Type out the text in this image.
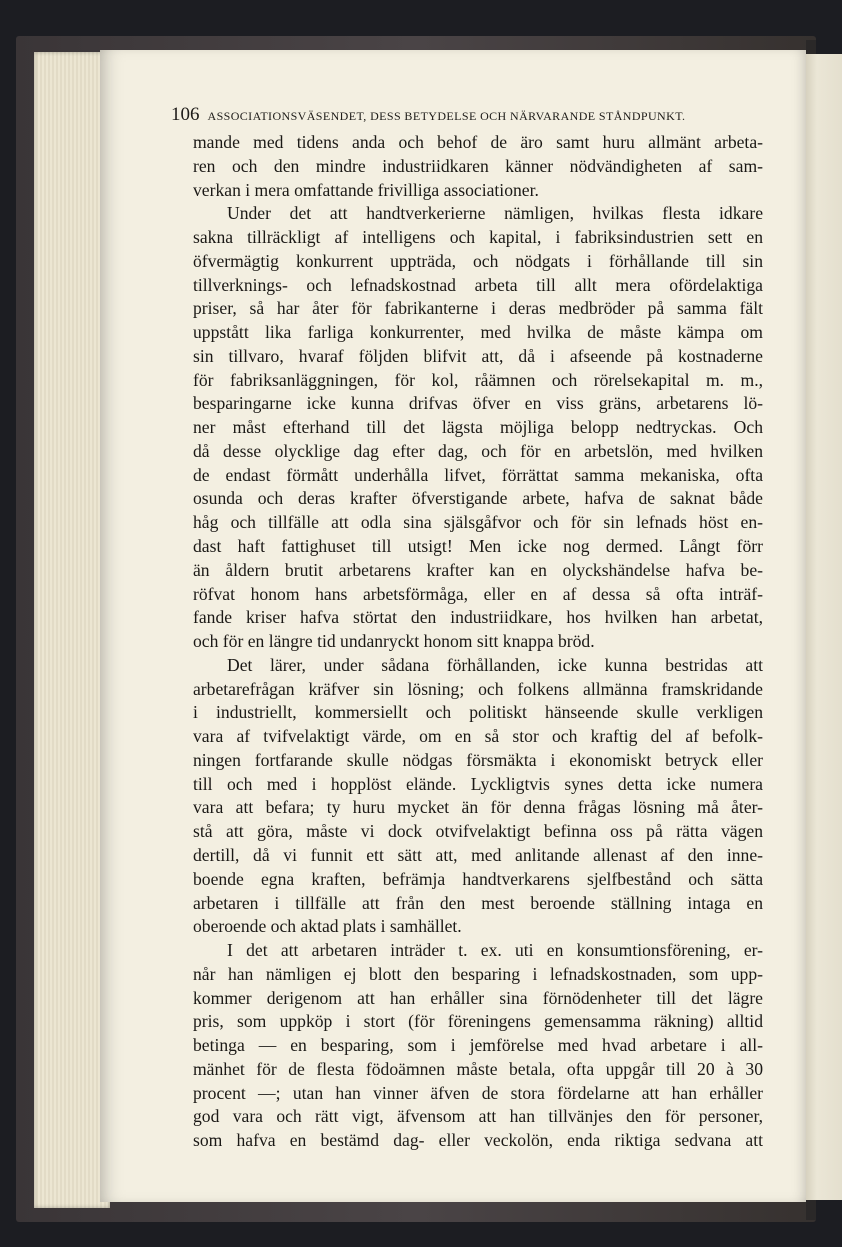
106 ASSOCIATIONSVÄSENDET, DESS BETYDELSE OCH NÄRVARANDE STÅNDPUNKT.
mande med tidens anda och behof de äro samt huru allmänt arbeta-
ren och den mindre industriidkaren känner nödvändigheten af sam-
verkan i mera omfattande frivilliga associationer.
Under det att handtverkerierne nämligen, hvilkas flesta idkare
sakna tillräckligt af intelligens och kapital, i fabriksindustrien sett en
öfvermägtig konkurrent uppträda, och nödgats i förhållande till sin
tillverknings- och lefnadskostnad arbeta till allt mera ofördelaktiga
priser, så har åter för fabrikanterne i deras medbröder på samma fält
uppstått lika farliga konkurrenter, med hvilka de måste kämpa om
sin tillvaro, hvaraf följden blifvit att, då i afseende på kostnaderne
för fabriksanläggningen, för kol, råämnen och rörelsekapital m. m.,
besparingarne icke kunna drifvas öfver en viss gräns, arbetarens lö-
ner måst efterhand till det lägsta möjliga belopp nedtryckas. Och
då desse olycklige dag efter dag, och för en arbetslön, med hvilken
de endast förmått underhålla lifvet, förrättat samma mekaniska, ofta
osunda och deras krafter öfverstigande arbete, hafva de saknat både
håg och tillfälle att odla sina själsgåfvor och för sin lefnads höst en-
dast haft fattighuset till utsigt! Men icke nog dermed. Långt förr
än åldern brutit arbetarens krafter kan en olyckshändelse hafva be-
röfvat honom hans arbetsförmåga, eller en af dessa så ofta inträf-
fande kriser hafva störtat den industriidkare, hos hvilken han arbetat,
och för en längre tid undanryckt honom sitt knappa bröd.
Det lärer, under sådana förhållanden, icke kunna bestridas att
arbetarefrågan kräfver sin lösning; och folkens allmänna framskridande
i industriellt, kommersiellt och politiskt hänseende skulle verkligen
vara af tvifvelaktigt värde, om en så stor och kraftig del af befolk-
ningen fortfarande skulle nödgas försmäkta i ekonomiskt betryck eller
till och med i hopplöst elände. Lyckligtvis synes detta icke numera
vara att befara; ty huru mycket än för denna frågas lösning må åter-
stå att göra, måste vi dock otvifvelaktigt befinna oss på rätta vägen
dertill, då vi funnit ett sätt att, med anlitande allenast af den inne-
boende egna kraften, befrämja handtverkarens sjelfbestånd och sätta
arbetaren i tillfälle att från den mest beroende ställning intaga en
oberoende och aktad plats i samhället.
I det att arbetaren inträder t. ex. uti en konsumtionsförening, er-
når han nämligen ej blott den besparing i lefnadskostnaden, som upp-
kommer derigenom att han erhåller sina förnödenheter till det lägre
pris, som uppköp i stort (för föreningens gemensamma räkning) alltid
betinga — en besparing, som i jemförelse med hvad arbetare i all-
mänhet för de flesta födoämnen måste betala, ofta uppgår till 20 à 30
procent —; utan han vinner äfven de stora fördelarne att han erhåller
god vara och rätt vigt, äfvensom att han tillvänjes den för personer,
som hafva en bestämd dag- eller veckolön, enda riktiga sedvana att
